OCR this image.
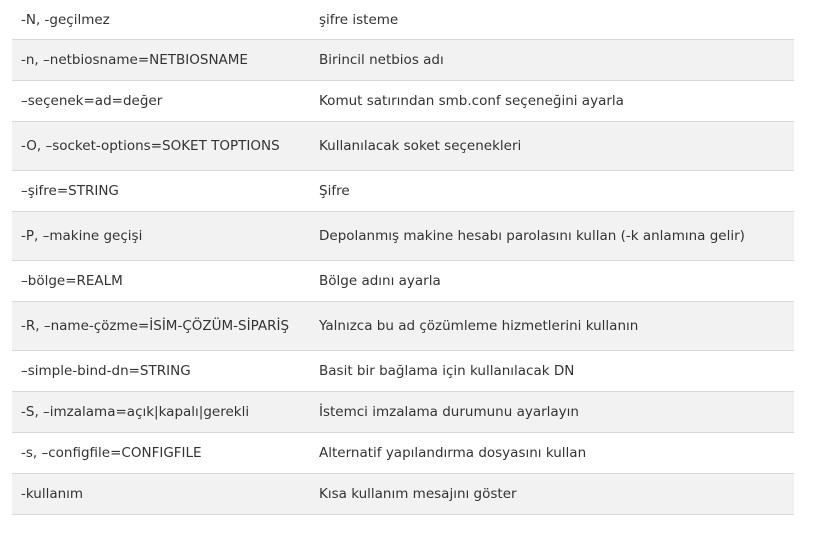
-N, -geçilmez	şifre isteme
-n, –netbiosname=NETBIOSNAME	Birincil netbios adı
–seçenek=ad=değer	Komut satırından smb.conf seçeneğini ayarla
-O, –socket-options=SOKET TOPTIONS	Kullanılacak soket seçenekleri
–şifre=STRING	Şifre
-P, –makine geçişi	Depolanmış makine hesabı parolasını kullan (-k anlamına gelir)
–bölge=REALM	Bölge adını ayarla
-R, –name-çözme=İSİM-ÇÖZÜM-SİPARİŞ	Yalnızca bu ad çözümleme hizmetlerini kullanın
–simple-bind-dn=STRING	Basit bir bağlama için kullanılacak DN
-S, –imzalama=açık|kapalı|gerekli	İstemci imzalama durumunu ayarlayın
-s, –configfile=CONFIGFILE	Alternatif yapılandırma dosyasını kullan
-kullanım	Kısa kullanım mesajını göster
